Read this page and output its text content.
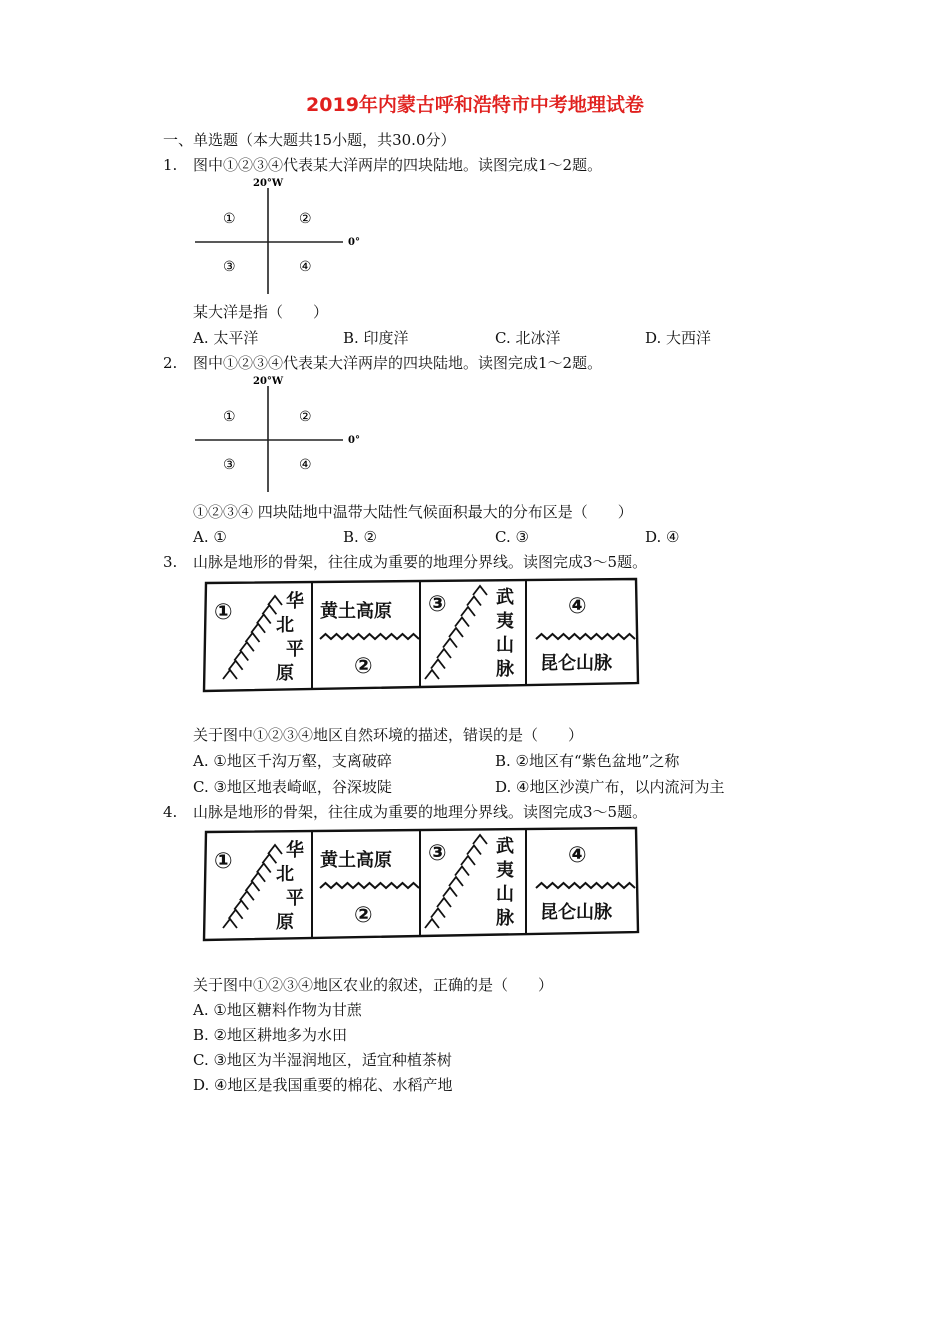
2019年内蒙古呼和浩特市中考地理试卷
一、单选题（本大题共15小题，共30.0分）
1. 图中①②③④代表某大洋两岸的四块陆地。读图完成1～2题。
20°W
0°
①	②
③	④
某大洋是指（　　）
A. 太平洋	B. 印度洋	C. 北冰洋	D. 大西洋
2. 图中①②③④代表某大洋两岸的四块陆地。读图完成1～2题。
20°W
0°
①	②
③	④
①②③④ 四块陆地中温带大陆性气候面积最大的分布区是（　　）
A. ①	B. ②	C. ③	D. ④
3. 山脉是地形的骨架，往往成为重要的地理分界线。读图完成3～5题。
①	华
北
平
原
黄土高原
②
③	武
夷
山
脉
④
昆仑山脉
关于图中①②③④地区自然环境的描述，错误的是（　　）
A. ①地区千沟万壑，支离破碎	B. ②地区有“紫色盆地”之称
C. ③地区地表崎岖，谷深坡陡	D. ④地区沙漠广布，以内流河为主
4. 山脉是地形的骨架，往往成为重要的地理分界线。读图完成3～5题。
①	华
北
平
原
黄土高原
②
③	武
夷
山
脉
④
昆仑山脉
关于图中①②③④地区农业的叙述，正确的是（　　）
A. ①地区糖料作物为甘蔗
B. ②地区耕地多为水田
C. ③地区为半湿润地区，适宜种植茶树
D. ④地区是我国重要的棉花、水稻产地
